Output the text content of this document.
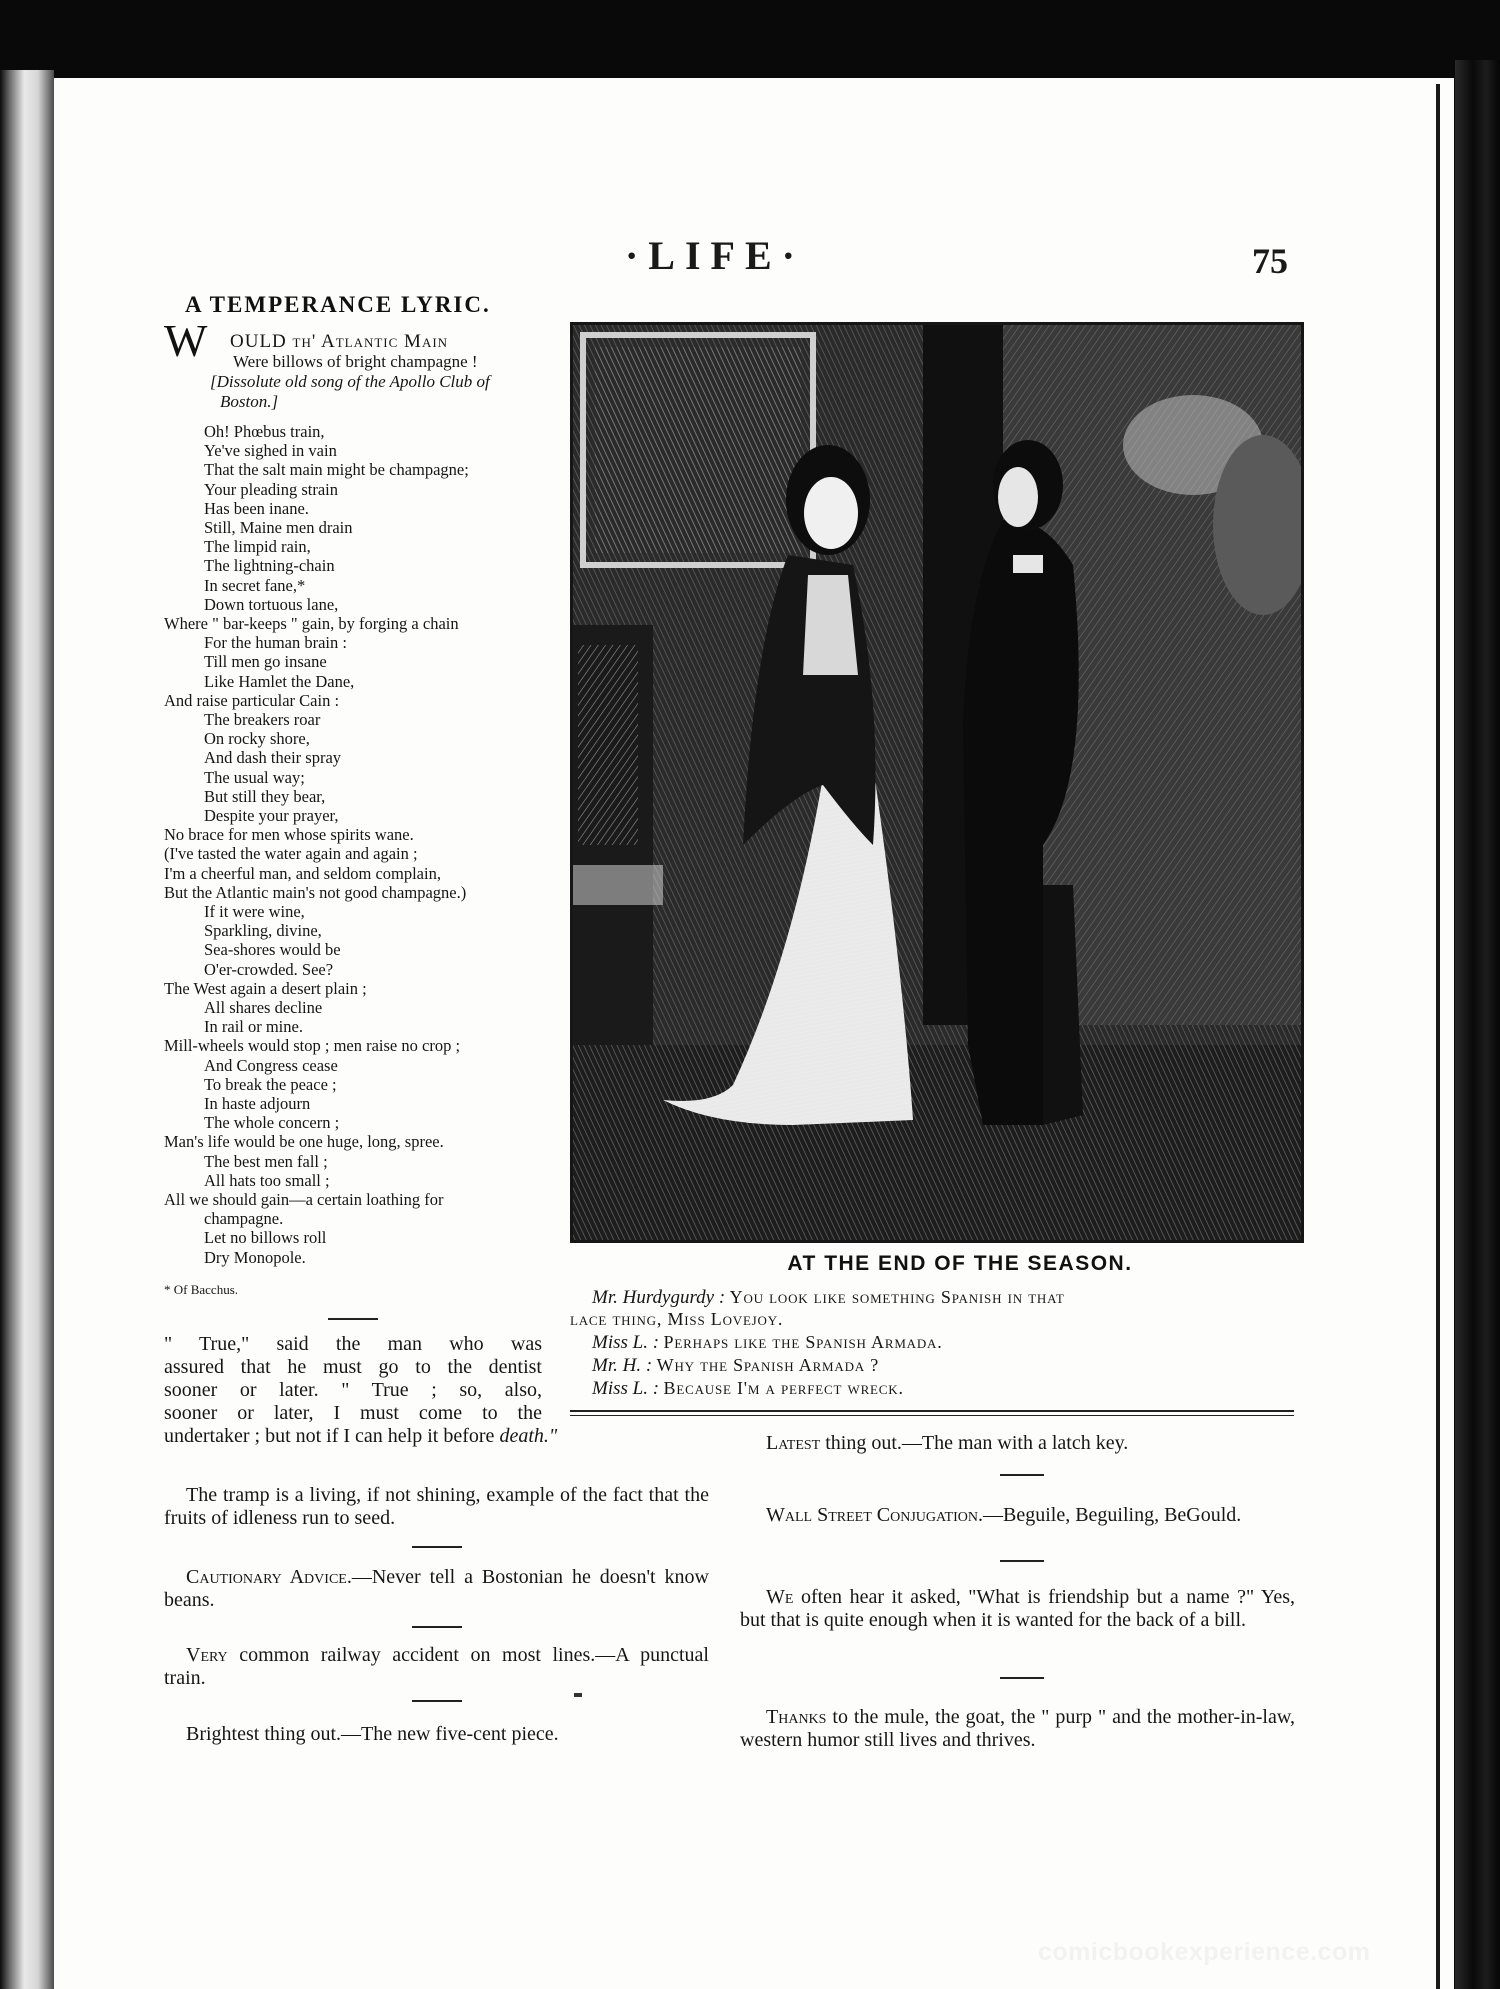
·LIFE·	75
A TEMPERANCE LYRIC.
W OULD th' Atlantic Main
Were billows of bright champagne !
[Dissolute old song of the Apollo Club of
Boston.]
Oh! Phœbus train,
Ye've sighed in vain
That the salt main might be champagne;
Your pleading strain
Has been inane.
Still, Maine men drain
The limpid rain,
The lightning-chain
In secret fane,*
Down tortuous lane,
Where " bar-keeps " gain, by forging a chain
For the human brain :
Till men go insane
Like Hamlet the Dane,
And raise particular Cain :
The breakers roar
On rocky shore,
And dash their spray
The usual way;
But still they bear,
Despite your prayer,
No brace for men whose spirits wane.
(I've tasted the water again and again ;
I'm a cheerful man, and seldom complain,
But the Atlantic main's not good champagne.)
If it were wine,
Sparkling, divine,
Sea-shores would be
O'er-crowded. See?
The West again a desert plain ;
All shares decline
In rail or mine.
Mill-wheels would stop ; men raise no crop ;
And Congress cease
To break the peace ;
In haste adjourn
The whole concern ;
Man's life would be one huge, long, spree.
The best men fall ;
All hats too small ;
All we should gain—a certain loathing for
champagne.
Let no billows roll
Dry Monopole.
* Of Bacchus.
" True," said the man who was
assured that he must go to the dentist
sooner or later. " True ; so, also,
sooner or later, I must come to the
undertaker ; but not if I can help it before death."
The tramp is a living, if not shining, example of the fact that the fruits of idleness run to seed.
Cautionary Advice.—Never tell a Bostonian he doesn't know beans.
Very common railway accident on most lines.—A punctual train.
Brightest thing out.—The new five-cent piece.
AT THE END OF THE SEASON.
Mr. Hurdygurdy : You look like something Spanish in that
lace thing, Miss Lovejoy.
Miss L. : Perhaps like the Spanish Armada.
Mr. H. : Why the Spanish Armada ?
Miss L. : Because I'm a perfect wreck.
Latest thing out.—The man with a latch key.
Wall Street Conjugation.—Beguile, Beguiling, BeGould.
We often hear it asked, "What is friendship but a name ?" Yes, but that is quite enough when it is wanted for the back of a bill.
Thanks to the mule, the goat, the " purp " and the mother-in-law, western humor still lives and thrives.
comicbookexperience.com
